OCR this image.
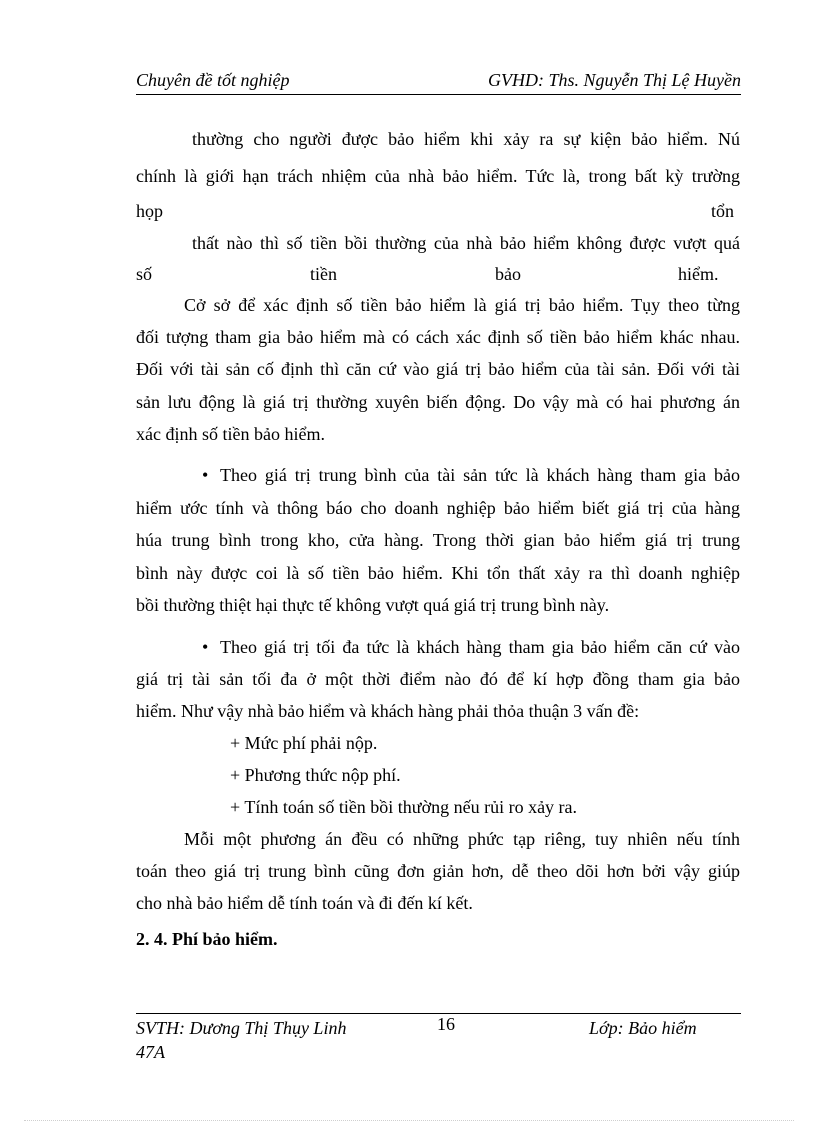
Chuyên đề tốt nghiệp	GVHD: Ths. Nguyễn Thị Lệ Huyền
thường cho người được bảo hiểm khi xảy ra sự kiện bảo hiểm. Nú
chính là giới hạn trách nhiệm của nhà bảo hiểm. Tức là, trong bất kỳ trường
họp	tổn
thất nào thì số tiền bồi thường của nhà bảo hiểm không được vượt quá
số	tiền	bảo	hiểm.
Cở sở để xác định số tiền bảo hiểm là giá trị bảo hiểm. Tụy theo từng
đối tượng tham gia bảo hiểm mà có cách xác định số tiền bảo hiểm khác nhau.
Đối với tài sản cố định thì căn cứ vào giá trị bảo hiểm của tài sản. Đối với tài
sản lưu động là giá trị thường xuyên biến động. Do vậy mà có hai phương án
xác định số tiền bảo hiểm.
• Theo giá trị trung bình của tài sản tức là khách hàng tham gia bảo
hiểm ước tính và thông báo cho doanh nghiệp bảo hiểm biết giá trị của hàng
húa trung bình trong kho, cửa hàng. Trong thời gian bảo hiểm giá trị trung
bình này được coi là số tiền bảo hiểm. Khi tổn thất xảy ra thì doanh nghiệp
bồi thường thiệt hại thực tế không vượt quá giá trị trung bình này.
• Theo giá trị tối đa tức là khách hàng tham gia bảo hiểm căn cứ vào
giá trị tài sản tối đa ở một thời điểm nào đó để kí hợp đồng tham gia bảo
hiểm. Như vậy nhà bảo hiểm và khách hàng phải thỏa thuận 3 vấn đề:
+ Mức phí phải nộp.
+ Phương thức nộp phí.
+ Tính toán số tiền bồi thường nếu rủi ro xảy ra.
Mỗi một phương án đều có những phức tạp riêng, tuy nhiên nếu tính
toán theo giá trị trung bình cũng đơn giản hơn, dễ theo dõi hơn bởi vậy giúp
cho nhà bảo hiểm dễ tính toán và đi đến kí kết.
2. 4. Phí bảo hiểm.
SVTH: Dương Thị Thụy Linh
47A
16	Lớp: Bảo hiểm
